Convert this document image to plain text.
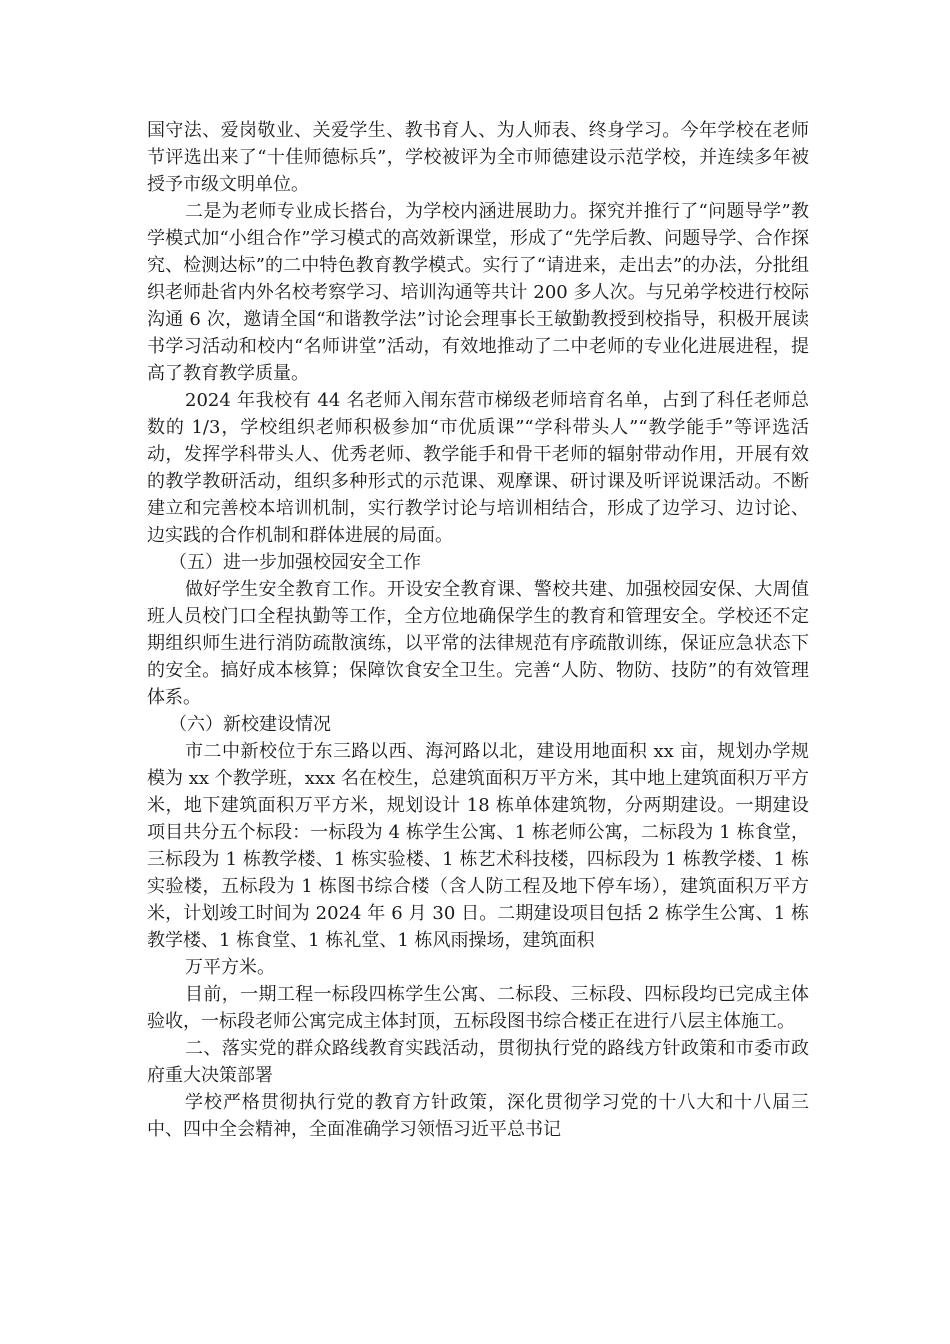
国守法、爱岗敬业、关爱学生、教书育人、为人师表、终身学习。今年学校在老师节评选出来了“十佳师德标兵”，学校被评为全市师德建设示范学校，并连续多年被授予市级文明单位。

二是为老师专业成长搭台，为学校内涵进展助力。探究并推行了“问题导学”教学模式加“小组合作”学习模式的高效新课堂，形成了“先学后教、问题导学、合作探究、检测达标”的二中特色教育教学模式。实行了“请进来，走出去”的办法，分批组织老师赴省内外名校考察学习、培训沟通等共计 200 多人次。与兄弟学校进行校际沟通 6 次，邀请全国“和谐教学法”讨论会理事长王敏勤教授到校指导，积极开展读书学习活动和校内“名师讲堂”活动，有效地推动了二中老师的专业化进展进程，提高了教育教学质量。

2024 年我校有 44 名老师入闱东营市梯级老师培育名单，占到了科任老师总数的 1/3，学校组织老师积极参加“市优质课”“学科带头人”“教学能手”等评选活动，发挥学科带头人、优秀老师、教学能手和骨干老师的辐射带动作用，开展有效的教学教研活动，组织多种形式的示范课、观摩课、研讨课及听评说课活动。不断建立和完善校本培训机制，实行教学讨论与培训相结合，形成了边学习、边讨论、边实践的合作机制和群体进展的局面。

（五）进一步加强校园安全工作

做好学生安全教育工作。开设安全教育课、警校共建、加强校园安保、大周值班人员校门口全程执勤等工作，全方位地确保学生的教育和管理安全。学校还不定期组织师生进行消防疏散演练，以平常的法律规范有序疏散训练，保证应急状态下的安全。搞好成本核算；保障饮食安全卫生。完善“人防、物防、技防”的有效管理体系。

（六）新校建设情况

市二中新校位于东三路以西、海河路以北，建设用地面积 xx 亩，规划办学规模为 xx 个教学班，xxx 名在校生，总建筑面积万平方米，其中地上建筑面积万平方米，地下建筑面积万平方米，规划设计 18 栋单体建筑物，分两期建设。一期建设项目共分五个标段：一标段为 4 栋学生公寓、1 栋老师公寓，二标段为 1 栋食堂，三标段为 1 栋教学楼、1 栋实验楼、1 栋艺术科技楼，四标段为 1 栋教学楼、1 栋实验楼，五标段为 1 栋图书综合楼（含人防工程及地下停车场），建筑面积万平方米，计划竣工时间为 2024 年 6 月 30 日。二期建设项目包括 2 栋学生公寓、1 栋教学楼、1 栋食堂、1 栋礼堂、1 栋风雨操场，建筑面积

万平方米。

目前，一期工程一标段四栋学生公寓、二标段、三标段、四标段均已完成主体验收，一标段老师公寓完成主体封顶，五标段图书综合楼正在进行八层主体施工。

二、落实党的群众路线教育实践活动，贯彻执行党的路线方针政策和市委市政府重大决策部署

学校严格贯彻执行党的教育方针政策，深化贯彻学习党的十八大和十八届三中、四中全会精神，全面准确学习领悟习近平总书记
